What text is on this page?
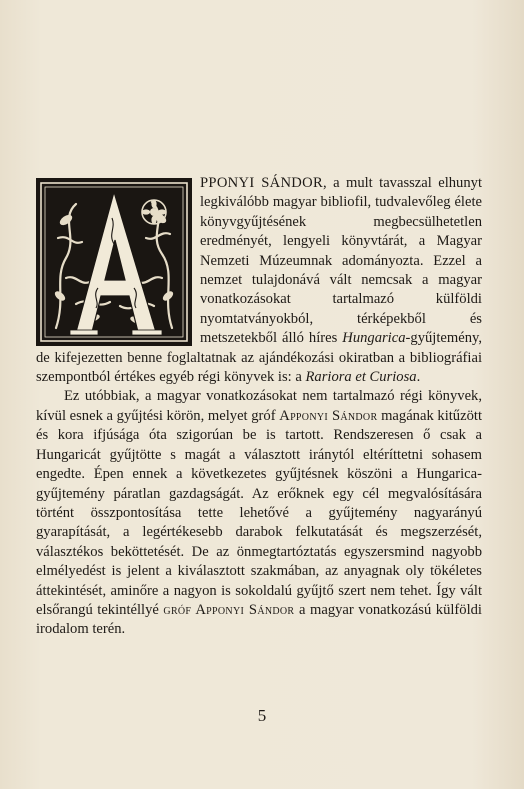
PPONYI SÁNDOR, a mult tavasszal elhunyt legkiválóbb magyar bibliofil, tudvalevőleg élete könyvgyűjtésének megbecsülhetetlen eredményét, lengyeli könyvtárát, a Magyar Nemzeti Múzeumnak adományozta. Ezzel a nemzet tulajdonává vált nemcsak a magyar vonatkozásokat tartalmazó külföldi nyomtatványokból, térképekből és metszetekből álló híres Hungarica-gyűjtemény, de kifejezetten benne foglaltatnak az ajándékozási okiratban a bibliográfiai szempontból értékes egyéb régi könyvek is: a Rariora et Curiosa.

Ez utóbbiak, a magyar vonatkozásokat nem tartalmazó régi könyvek, kívül esnek a gyűjtési körön, melyet gróf Apponyi Sándor magának kitűzött és kora ifjúsága óta szigorúan be is tartott. Rendszeresen ő csak a Hungaricát gyűjtötte s magát a választott iránytól eltéríttetni sohasem engedte. Épen ennek a következetes gyűjtésnek köszöni a Hungarica-gyűjtemény páratlan gazdagságát. Az erőknek egy cél megvalósítására történt összpontosítása tette lehetővé a gyűjtemény nagyarányú gyarapítását, a legértékesebb darabok felkutatását és megszerzését, választékos beköttetését. De az önmegtartóztatás egyszersmind nagyobb elmélyedést is jelent a kiválasztott szakmában, az anyagnak oly tökéletes áttekintését, aminőre a nagyon is sokoldalú gyűjtő szert nem tehet. Így vált elsőrangú tekintéllyé gróf Apponyi Sándor a magyar vonatkozású külföldi irodalom terén.

5
